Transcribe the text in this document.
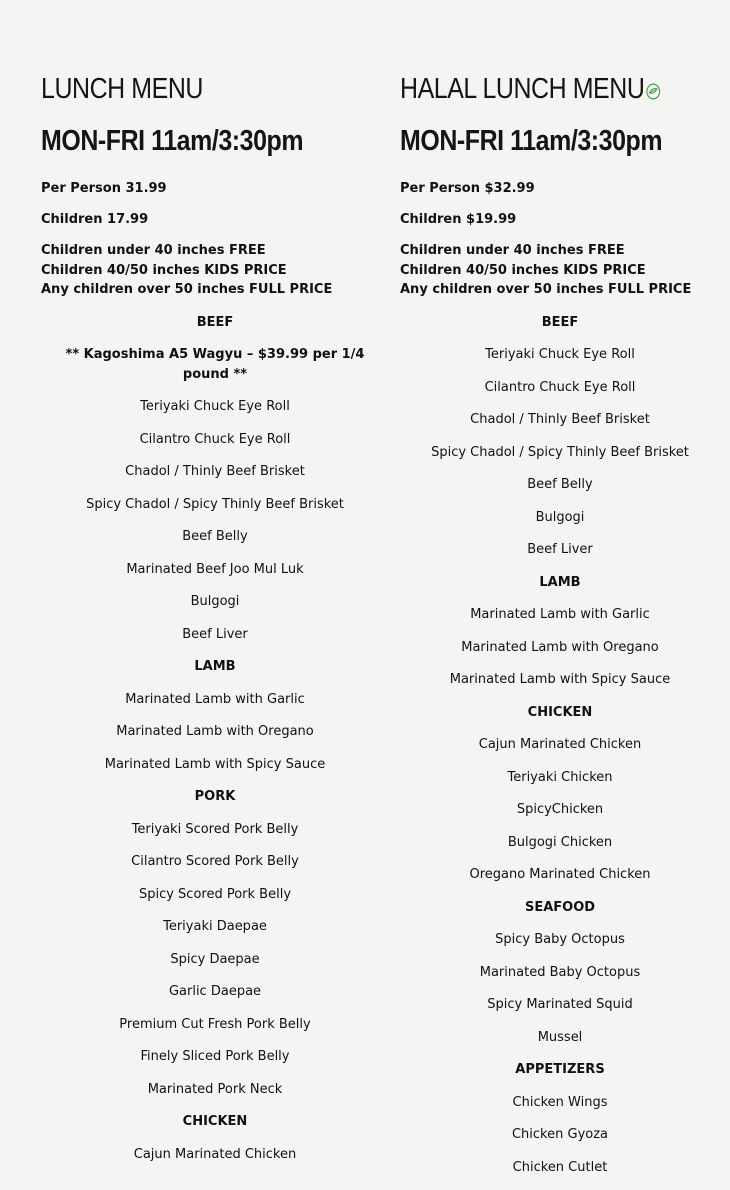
LUNCH MENU
MON-FRI 11am/3:30pm

Per Person 31.99

Children 17.99

Children under 40 inches FREE
Children 40/50 inches KIDS PRICE
Any children over 50 inches FULL PRICE
BEEF
** Kagoshima A5 Wagyu – $39.99 per 1/4 pound **
Teriyaki Chuck Eye Roll
Cilantro Chuck Eye Roll
Chadol / Thinly Beef Brisket
Spicy Chadol / Spicy Thinly Beef Brisket
Beef Belly
Marinated Beef Joo Mul Luk
Bulgogi
Beef Liver
LAMB
Marinated Lamb with Garlic
Marinated Lamb with Oregano
Marinated Lamb with Spicy Sauce
PORK
Teriyaki Scored Pork Belly
Cilantro Scored Pork Belly
Spicy Scored Pork Belly
Teriyaki Daepae
Spicy Daepae
Garlic Daepae
Premium Cut Fresh Pork Belly
Finely Sliced Pork Belly
Marinated Pork Neck
CHICKEN
Cajun Marinated Chicken
HALAL LUNCH MENU
MON-FRI 11am/3:30pm

Per Person $32.99

Children $19.99

Children under 40 inches FREE
Children 40/50 inches KIDS PRICE
Any children over 50 inches FULL PRICE
BEEF
Teriyaki Chuck Eye Roll
Cilantro Chuck Eye Roll
Chadol / Thinly Beef Brisket
Spicy Chadol / Spicy Thinly Beef Brisket
Beef Belly
Bulgogi
Beef Liver
LAMB
Marinated Lamb with Garlic
Marinated Lamb with Oregano
Marinated Lamb with Spicy Sauce
CHICKEN
Cajun Marinated Chicken
Teriyaki Chicken
SpicyChicken
Bulgogi Chicken
Oregano Marinated Chicken
SEAFOOD
Spicy Baby Octopus
Marinated Baby Octopus
Spicy Marinated Squid
Mussel
APPETIZERS
Chicken Wings
Chicken Gyoza
Chicken Cutlet
